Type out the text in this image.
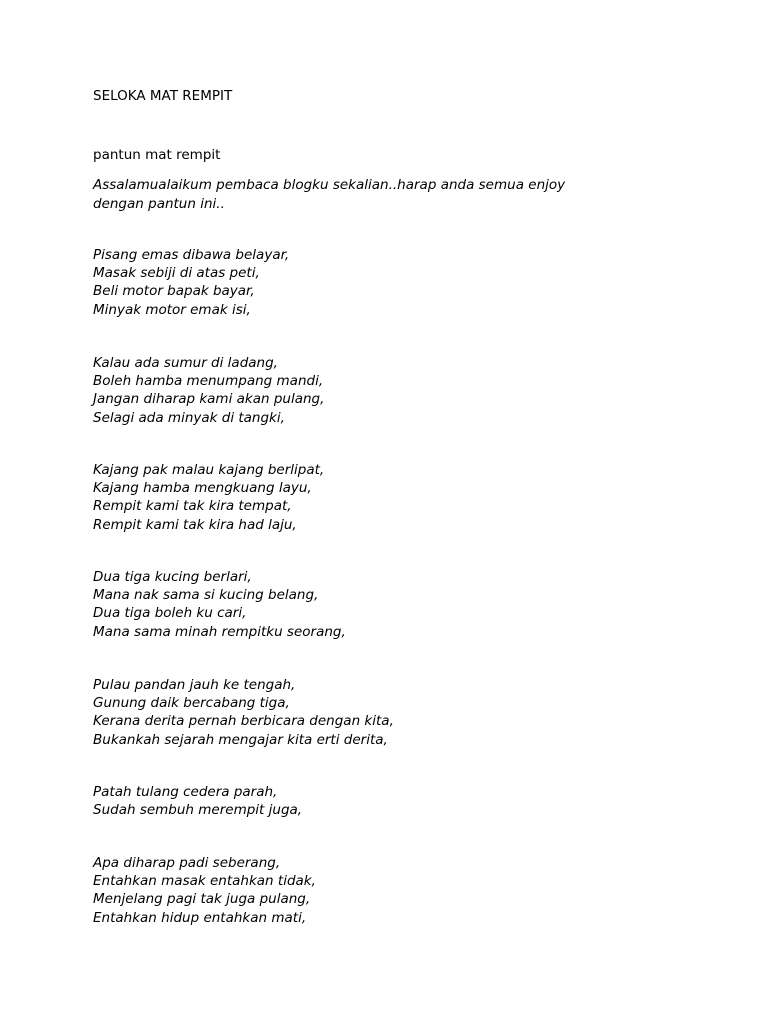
SELOKA MAT REMPIT

pantun mat rempit

Assalamualaikum pembaca blogku sekalian..harap anda semua enjoy
dengan pantun ini..

Pisang emas dibawa belayar,
Masak sebiji di atas peti,
Beli motor bapak bayar,
Minyak motor emak isi,
Kalau ada sumur di ladang,
Boleh hamba menumpang mandi,
Jangan diharap kami akan pulang,
Selagi ada minyak di tangki,
Kajang pak malau kajang berlipat,
Kajang hamba mengkuang layu,
Rempit kami tak kira tempat,
Rempit kami tak kira had laju,
Dua tiga kucing berlari,
Mana nak sama si kucing belang,
Dua tiga boleh ku cari,
Mana sama minah rempitku seorang,
Pulau pandan jauh ke tengah,
Gunung daik bercabang tiga,
Kerana derita pernah berbicara dengan kita,
Bukankah sejarah mengajar kita erti derita,
Patah tulang cedera parah,
Sudah sembuh merempit juga,
Apa diharap padi seberang,
Entahkan masak entahkan tidak,
Menjelang pagi tak juga pulang,
Entahkan hidup entahkan mati,
